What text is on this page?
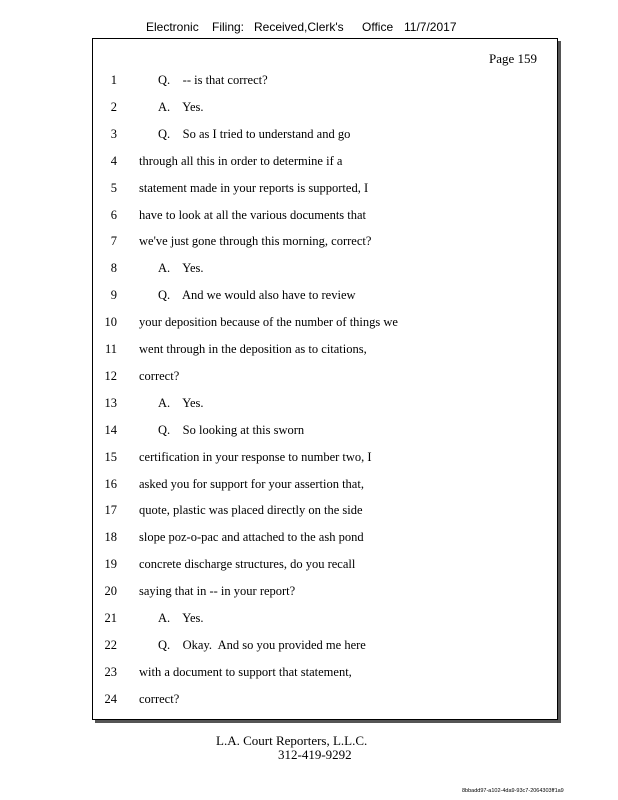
Electronic Filing: Received,Clerk's Office 11/7/2017
Page 159
1	Q.    -- is that correct?
2	A.    Yes.
3	Q.    So as I tried to understand and go
4 through all this in order to determine if a
5 statement made in your reports is supported, I
6 have to look at all the various documents that
7 we've just gone through this morning, correct?
8	A.    Yes.
9	Q.    And we would also have to review
10 your deposition because of the number of things we
11 went through in the deposition as to citations,
12 correct?
13	A.    Yes.
14	Q.    So looking at this sworn
15 certification in your response to number two, I
16 asked you for support for your assertion that,
17 quote, plastic was placed directly on the side
18 slope poz-o-pac and attached to the ash pond
19 concrete discharge structures, do you recall
20 saying that in -- in your report?
21	A.    Yes.
22	Q.    Okay.  And so you provided me here
23 with a document to support that statement,
24 correct?
L.A. Court Reporters, L.L.C.
312-419-9292
8bbadd97-a102-4da9-93c7-2064303ff1a9
